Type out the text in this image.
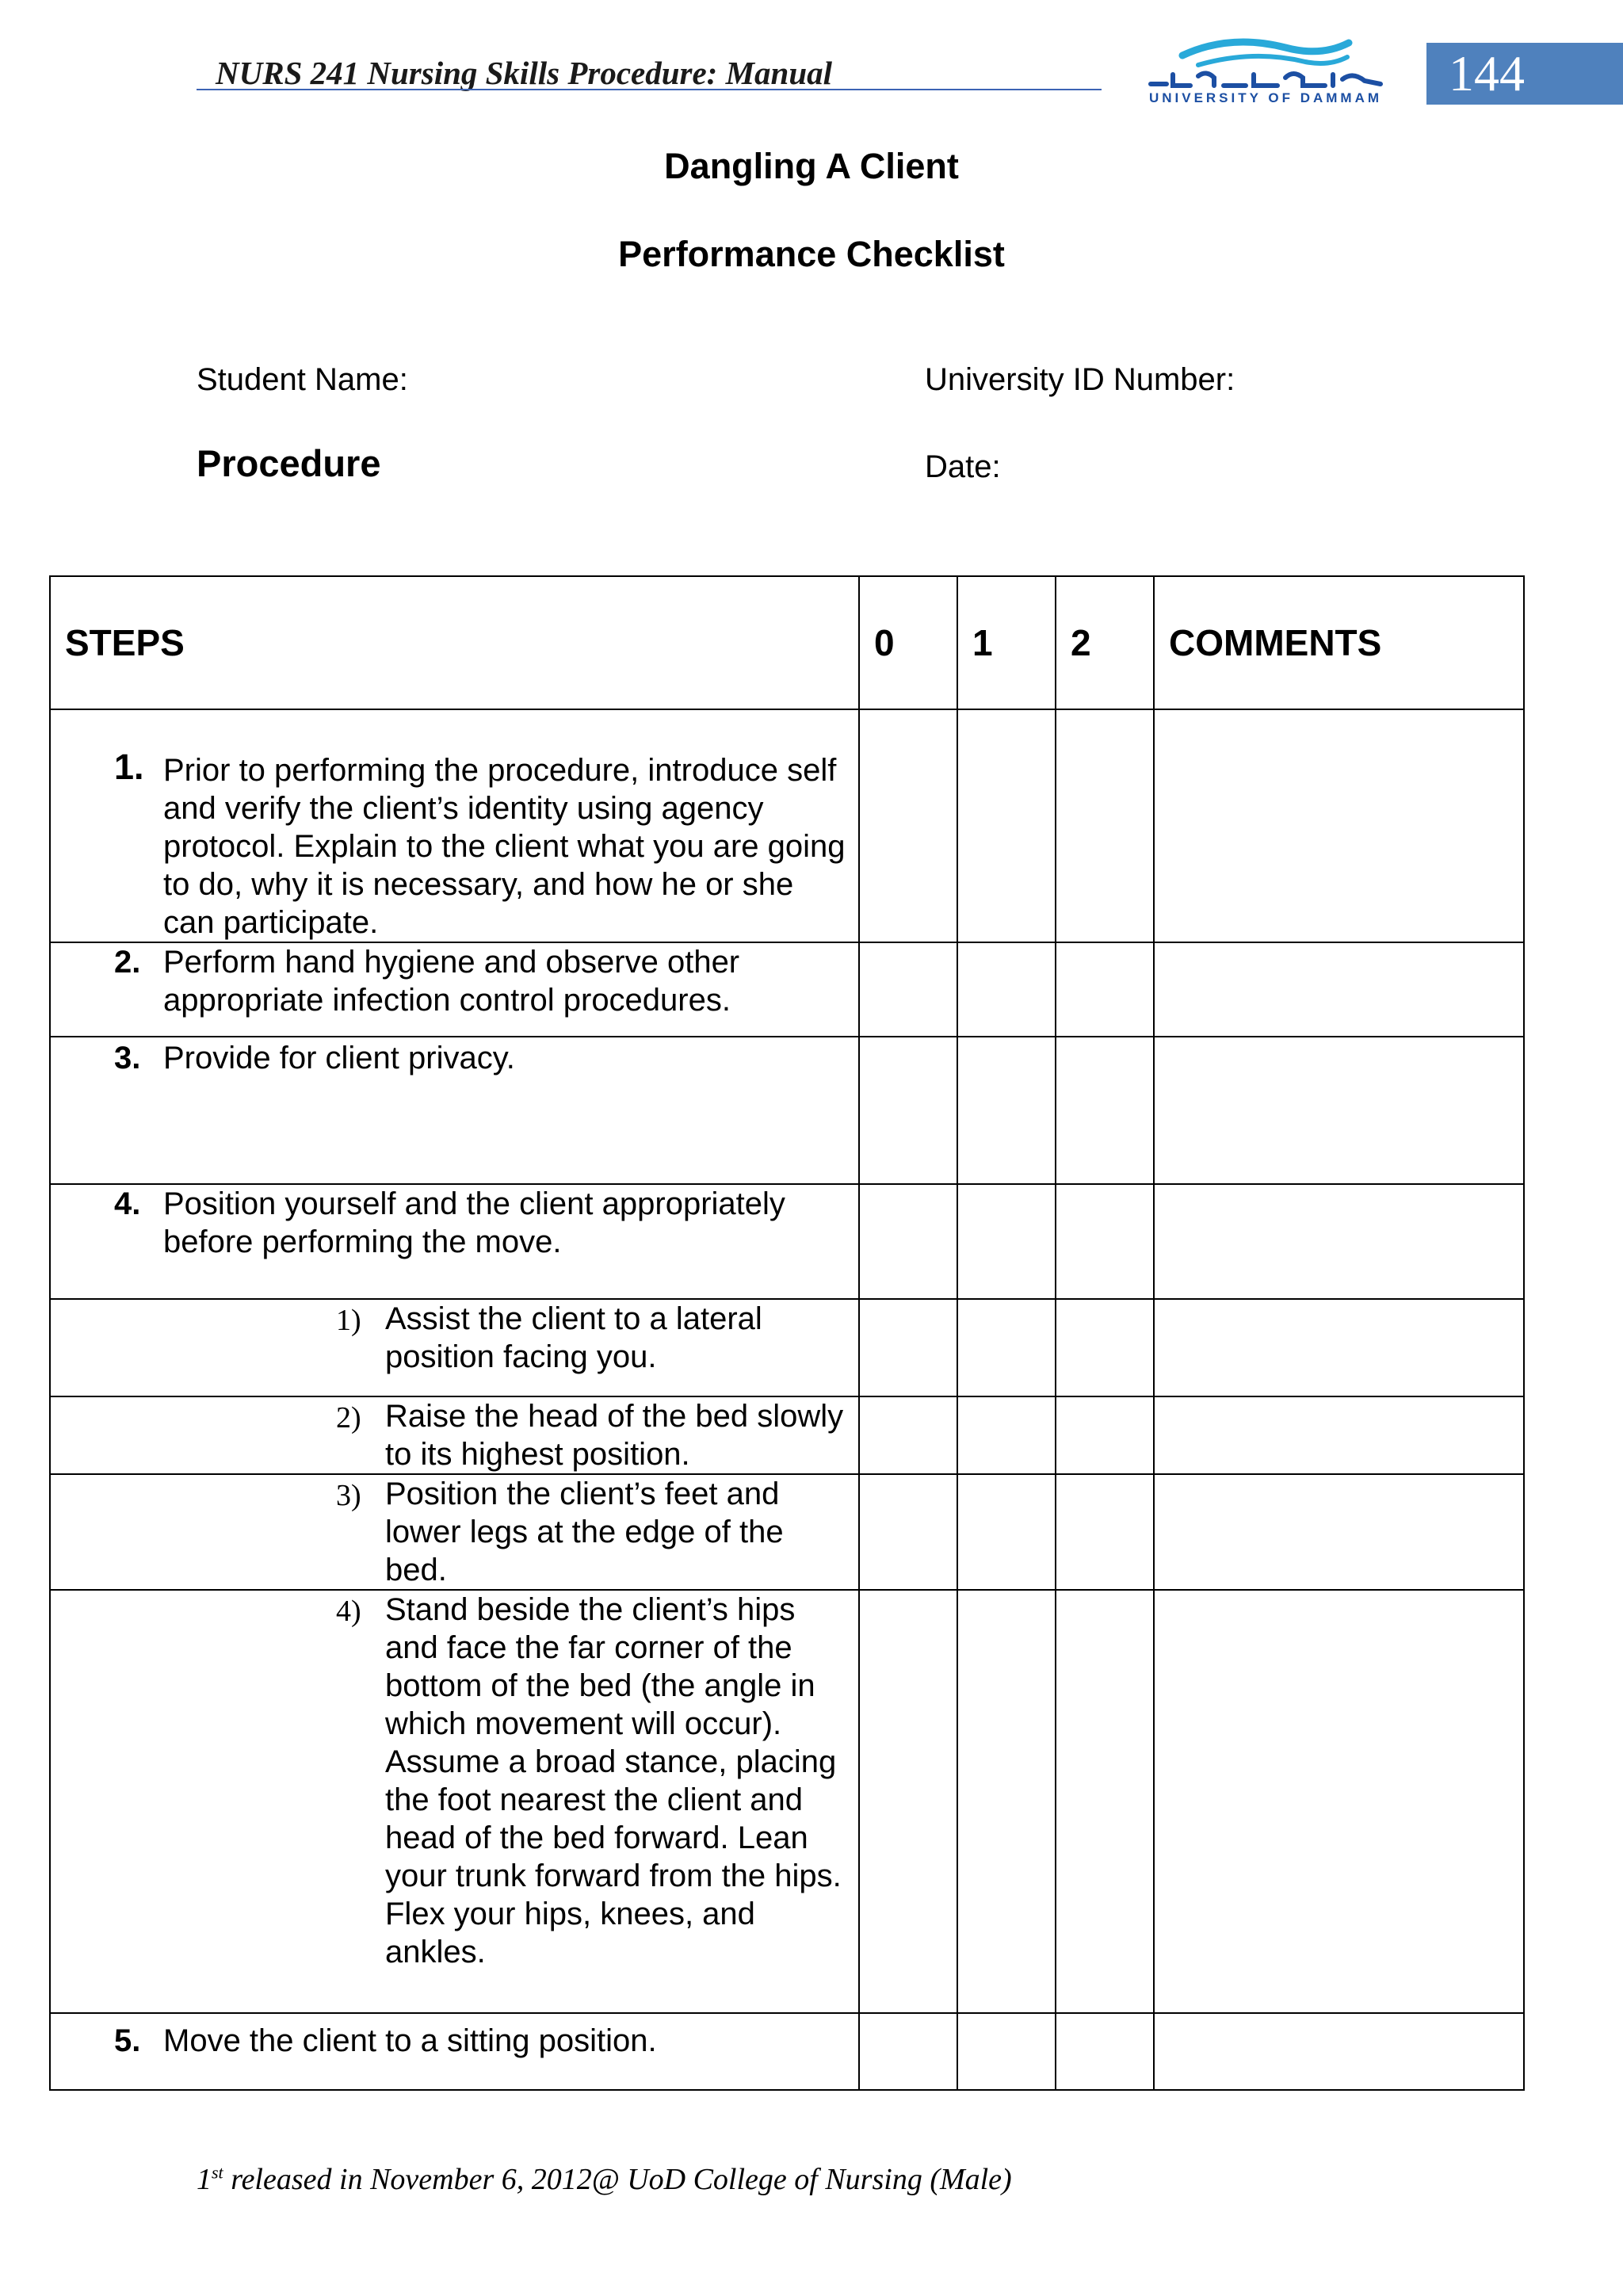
NURS 241 Nursing Skills Procedure: Manual
UNIVERSITY OF DAMMAM	144
Dangling A Client
Performance Checklist
Student Name:	University ID Number:
Procedure	Date:
STEPS	0	1	2	COMMENTS

1. Prior to performing the procedure, introduce self and verify the client’s identity using agency protocol. Explain to the client what you are going to do, why it is necessary, and how he or she can participate.				

2. Perform hand hygiene and observe other appropriate infection control procedures.				

3. Provide for client privacy.				

4. Position yourself and the client appropriately before performing the move.				

1) Assist the client to a lateral position facing you.				

2) Raise the head of the bed slowly to its highest position.				

3) Position the client’s feet and lower legs at the edge of the bed.				

4) Stand beside the client’s hips and face the far corner of the bottom of the bed (the angle in which movement will occur). Assume a broad stance, placing the foot nearest the client and head of the bed forward. Lean your trunk forward from the hips. Flex your hips, knees, and ankles.				

5. Move the client to a sitting position.				

1st released in November 6, 2012@ UoD College of Nursing (Male)
